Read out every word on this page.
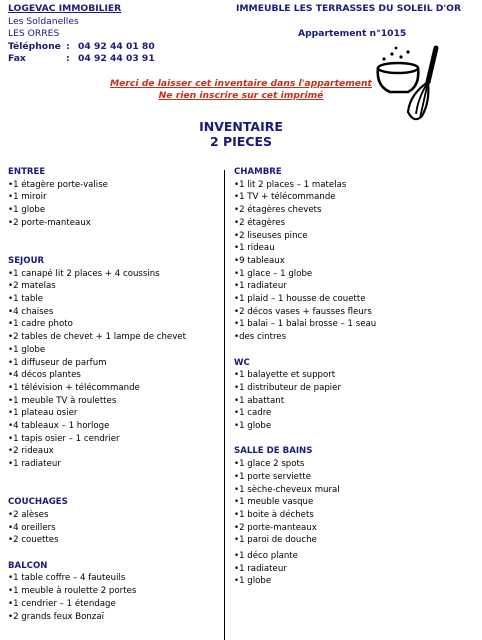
LOGEVAC IMMOBILIER
Les Soldanelles
LES ORRES
Téléphone : 04 92 44 01 80
Fax	: 04 92 44 03 91
IMMEUBLE LES TERRASSES DU SOLEIL D'OR
Appartement n°1015
Merci de laisser cet inventaire dans l'appartement
Ne rien inscrire sur cet imprimé
INVENTAIRE
2 PIECES
ENTREE
•1 étagère porte-valise
•1 miroir
•1 globe
•2 porte-manteaux
SEJOUR
•1 canapé lit 2 places + 4 coussins
•2 matelas
•1 table
•4 chaises
•1 cadre photo
•2 tables de chevet + 1 lampe de chevet
•1 globe
•1 diffuseur de parfum
•4 décos plantes
•1 télévision + télécommande
•1 meuble TV à roulettes
•1 plateau osier
•4 tableaux – 1 horloge
•1 tapis osier – 1 cendrier
•2 rideaux
•1 radiateur
COUCHAGES
•2 alèses
•4 oreillers
•2 couettes
BALCON
•1 table coffre – 4 fauteuils
•1 meuble à roulette 2 portes
•1 cendrier – 1 étendage
•2 grands feux Bonzaï
CHAMBRE
•1 lit 2 places – 1 matelas
•1 TV + télécommande
•2 étagères chevets
•2 étagères
•2 liseuses pince
•1 rideau
•9 tableaux
•1 glace – 1 globe
•1 radiateur
•1 plaid – 1 housse de couette
•2 décos vases + fausses fleurs
•1 balai – 1 balai brosse – 1 seau
•des cintres
WC
•1 balayette et support
•1 distributeur de papier
•1 abattant
•1 cadre
•1 globe
SALLE DE BAINS
•1 glace 2 spots
•1 porte serviette
•1 sèche-cheveux mural
•1 meuble vasque
•1 boite à déchets
•2 porte-manteaux
•1 paroi de douche
•1 déco plante
•1 radiateur
•1 globe
